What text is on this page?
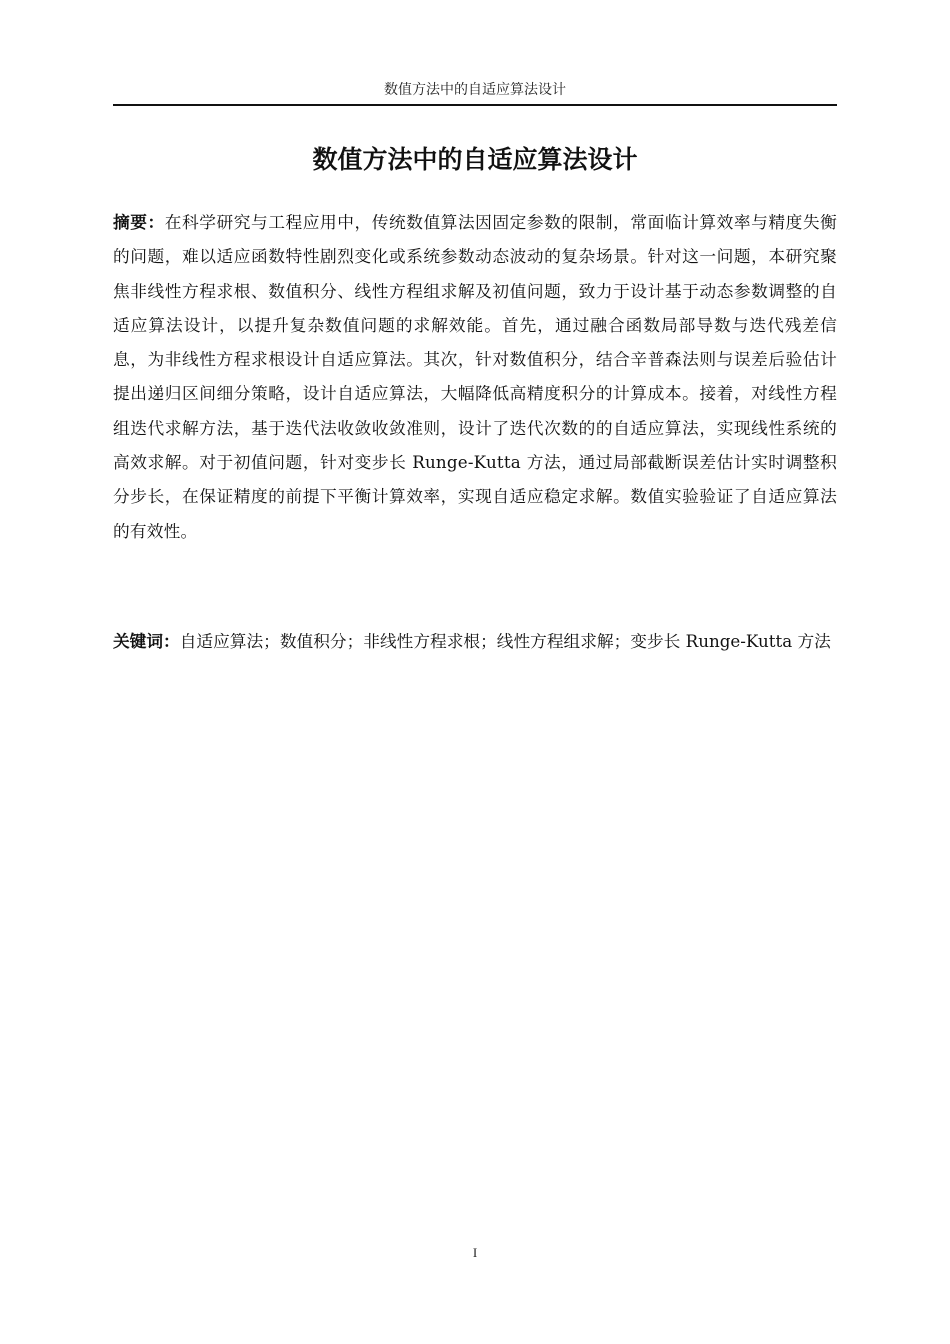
数值方法中的自适应算法设计
数值方法中的自适应算法设计

摘要：在科学研究与工程应用中，传统数值算法因固定参数的限制，常面临计算效率与精度失衡的问题，难以适应函数特性剧烈变化或系统参数动态波动的复杂场景。针对这一问题，本研究聚焦非线性方程求根、数值积分、线性方程组求解及初值问题，致力于设计基于动态参数调整的自适应算法设计，以提升复杂数值问题的求解效能。首先，通过融合函数局部导数与迭代残差信息，为非线性方程求根设计自适应算法。其次，针对数值积分，结合辛普森法则与误差后验估计提出递归区间细分策略，设计自适应算法，大幅降低高精度积分的计算成本。接着，对线性方程组迭代求解方法，基于迭代法收敛收敛准则，设计了迭代次数的的自适应算法，实现线性系统的高效求解。对于初值问题，针对变步长 Runge-Kutta 方法，通过局部截断误差估计实时调整积分步长，在保证精度的前提下平衡计算效率，实现自适应稳定求解。数值实验验证了自适应算法的有效性。

关键词：自适应算法；数值积分；非线性方程求根；线性方程组求解；变步长 Runge-Kutta 方法

I
